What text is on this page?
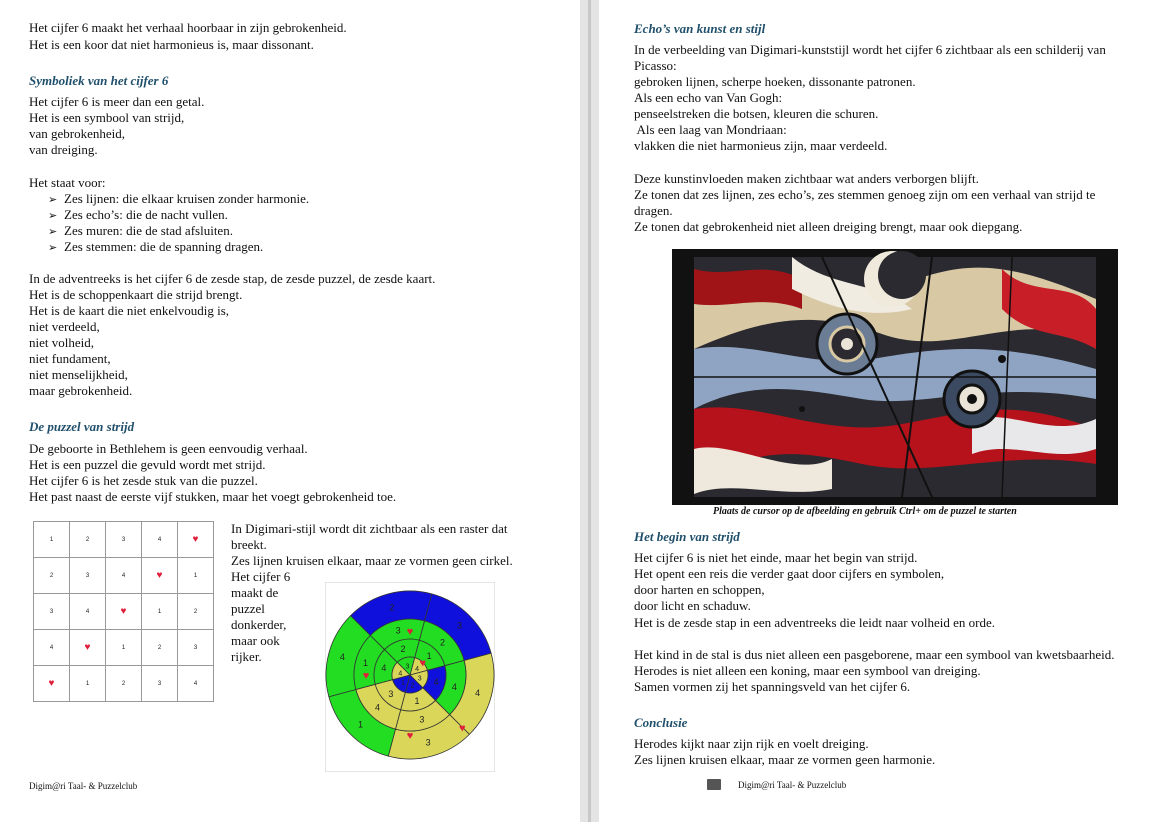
Het cijfer 6 maakt het verhaal hoorbaar in zijn gebrokenheid.
Het is een koor dat niet harmonieus is, maar dissonant.
Symboliek van het cijfer 6
Het cijfer 6 is meer dan een getal.
Het is een symbool van strijd,
van gebrokenheid,
van dreiging.
Het staat voor:
➢ Zes lijnen: die elkaar kruisen zonder harmonie.
➢ Zes echo’s: die de nacht vullen.
➢ Zes muren: die de stad afsluiten.
➢ Zes stemmen: die de spanning dragen.
In de adventreeks is het cijfer 6 de zesde stap, de zesde puzzel, de zesde kaart.
Het is de schoppenkaart die strijd brengt.
Het is de kaart die niet enkelvoudig is,
niet verdeeld,
niet volheid,
niet fundament,
niet menselijkheid,
maar gebrokenheid.
De puzzel van strijd
De geboorte in Bethlehem is geen eenvoudig verhaal.
Het is een puzzel die gevuld wordt met strijd.
Het cijfer 6 is het zesde stuk van die puzzel.
Het past naast de eerste vijf stukken, maar het voegt gebrokenheid toe.
1	2	3	4	♥
2	3	4	♥	1
3	4	♥	1	2
4	♥	1	2	3
♥	1	2	3	4
In Digimari-stijl wordt dit zichtbaar als een raster dat
breekt.
Zes lijnen kruisen elkaar, maar ze vormen geen cirkel.
Het cijfer 6
maakt de
puzzel
donkerder,
maar ook
rijker.
3
4
3
1
4
2
2
4
3
4
1
3
1
4
1
3
4
2
4
3
2
1
4
3
♥
♥
♥
♥
♥
Digim@ri Taal- & Puzzelclub
Echo’s van kunst en stijl
In de verbeelding van Digimari-kunststijl wordt het cijfer 6 zichtbaar als een schilderij van
Picasso:
gebroken lijnen, scherpe hoeken, dissonante patronen.
Als een echo van Van Gogh:
penseelstreken die botsen, kleuren die schuren.
Als een laag van Mondriaan:
vlakken die niet harmonieus zijn, maar verdeeld.
Deze kunstinvloeden maken zichtbaar wat anders verborgen blijft.
Ze tonen dat zes lijnen, zes echo’s, zes stemmen genoeg zijn om een verhaal van strijd te
dragen.
Ze tonen dat gebrokenheid niet alleen dreiging brengt, maar ook diepgang.
Plaats de cursor op de afbeelding en gebruik Ctrl+ om de puzzel te starten
Het begin van strijd
Het cijfer 6 is niet het einde, maar het begin van strijd.
Het opent een reis die verder gaat door cijfers en symbolen,
door harten en schoppen,
door licht en schaduw.
Het is de zesde stap in een adventreeks die leidt naar volheid en orde.
Het kind in de stal is dus niet alleen een pasgeborene, maar een symbool van kwetsbaarheid.
Herodes is niet alleen een koning, maar een symbool van dreiging.
Samen vormen zij het spanningsveld van het cijfer 6.
Conclusie
Herodes kijkt naar zijn rijk en voelt dreiging.
Zes lijnen kruisen elkaar, maar ze vormen geen harmonie.
Digim@ri Taal- & Puzzelclub
